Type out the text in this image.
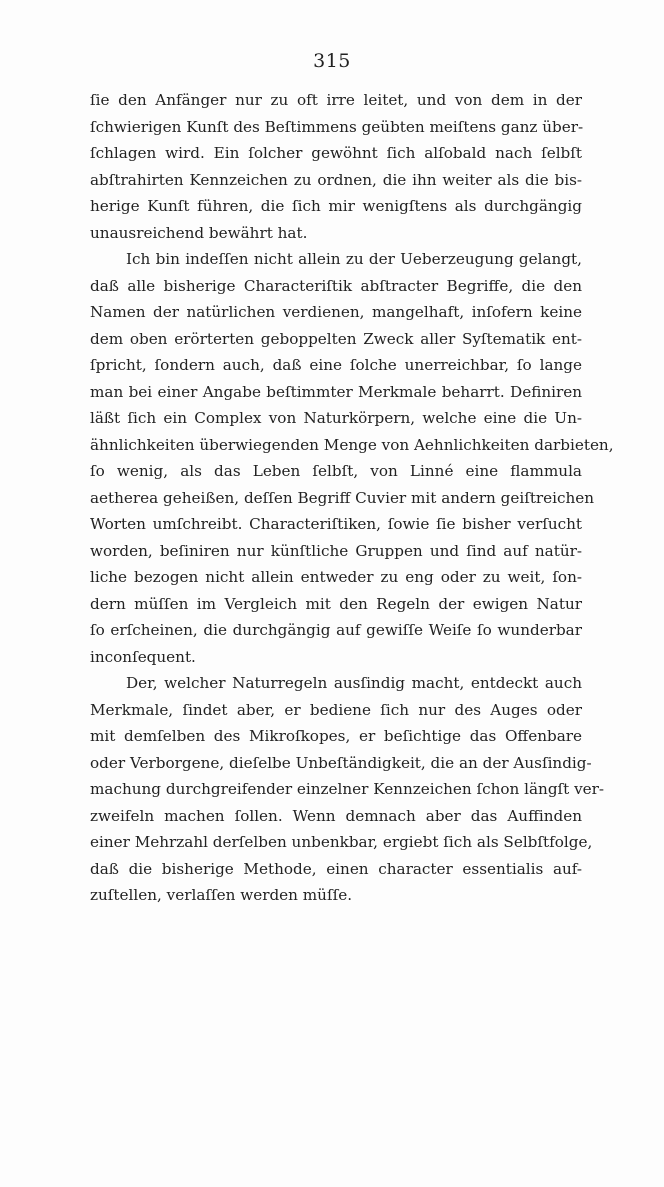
315
ſie den Anfänger nur zu oft irre leitet, und von dem in der
ſchwierigen Kunſt des Beſtimmens geübten meiſtens ganz über-
ſchlagen wird. Ein ſolcher gewöhnt ſich alſobald nach ſelbſt
abſtrahirten Kennzeichen zu ordnen, die ihn weiter als die bis-
herige Kunſt führen, die ſich mir wenigſtens als durchgängig
unausreichend bewährt hat.
Ich bin indeſſen nicht allein zu der Ueberzeugung gelangt,
daß alle bisherige Characteriſtik abſtracter Begriffe, die den
Namen der natürlichen verdienen, mangelhaft, inſofern keine
dem oben erörterten geboppelten Zweck aller Syſtematik ent-
ſpricht, ſondern auch, daß eine ſolche unerreichbar, ſo lange
man bei einer Angabe beſtimmter Merkmale beharrt. Definiren
läßt ſich ein Complex von Naturkörpern, welche eine die Un-
ähnlichkeiten überwiegenden Menge von Aehnlichkeiten darbieten,
ſo wenig, als das Leben ſelbſt, von Linné eine flammula
aetherea geheißen, deſſen Begriff Cuvier mit andern geiſtreichen
Worten umſchreibt. Characteriſtiken, ſowie ſie bisher verſucht
worden, beſiniren nur künſtliche Gruppen und ſind auf natür-
liche bezogen nicht allein entweder zu eng oder zu weit, ſon-
dern müſſen im Vergleich mit den Regeln der ewigen Natur
ſo erſcheinen, die durchgängig auf gewiſſe Weiſe ſo wunderbar
inconſequent.
Der, welcher Naturregeln ausſindig macht, entdeckt auch
Merkmale, ſindet aber, er bediene ſich nur des Auges oder
mit demſelben des Mikroſkopes, er beſichtige das Offenbare
oder Verborgene, dieſelbe Unbeſtändigkeit, die an der Ausſindig-
machung durchgreifender einzelner Kennzeichen ſchon längſt ver-
zweifeln machen ſollen. Wenn demnach aber das Auffinden
einer Mehrzahl derſelben unbenkbar, ergiebt ſich als Selbſtfolge,
daß die bisherige Methode, einen character essentialis auf-
zuſtellen, verlaſſen werden müſſe.
